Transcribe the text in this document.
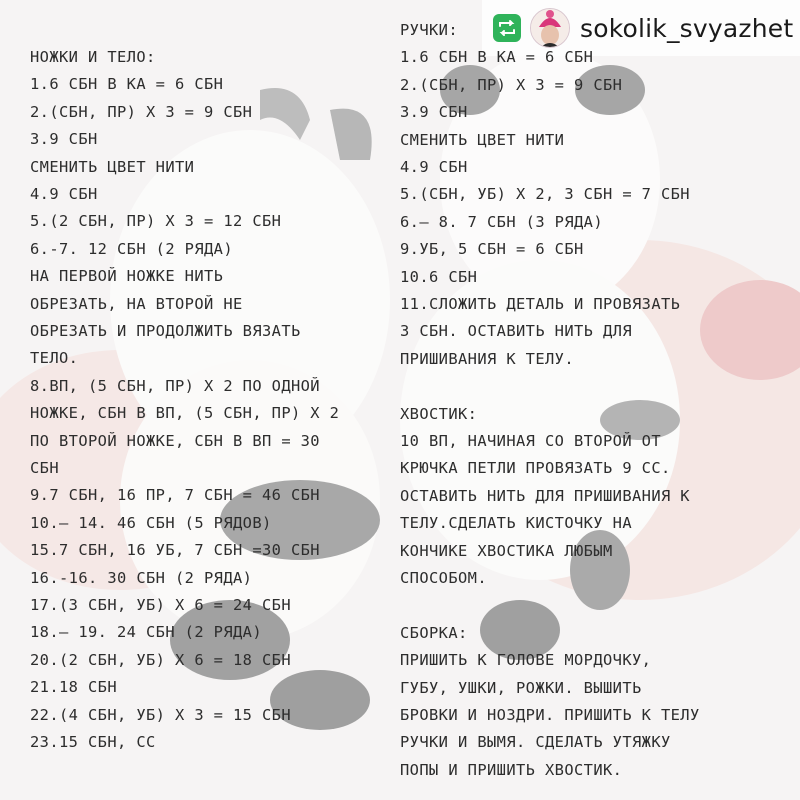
sokolik_svyazhet
НОЖКИ И ТЕЛО:
1.6 СБН В КА = 6 СБН
2.(СБН, ПР) Х 3 = 9 СБН
3.9 СБН
СМЕНИТЬ ЦВЕТ НИТИ
4.9 СБН
5.(2 СБН, ПР) Х 3 = 12 СБН
6.-7. 12 СБН (2 РЯДА)
НА ПЕРВОЙ НОЖКЕ НИТЬ
ОБРЕЗАТЬ, НА ВТОРОЙ НЕ
ОБРЕЗАТЬ И ПРОДОЛЖИТЬ ВЯЗАТЬ
ТЕЛО.
8.ВП, (5 СБН, ПР) Х 2 ПО ОДНОЙ
НОЖКЕ, СБН В ВП, (5 СБН, ПР) Х 2
ПО ВТОРОЙ НОЖКЕ, СБН В ВП = 30
СБН
9.7 СБН, 16 ПР, 7 СБН = 46 СБН
10.– 14. 46 СБН (5 РЯДОВ)
15.7 СБН, 16 УБ, 7 СБН =30 СБН
16.-16. 30 СБН (2 РЯДА)
17.(3 СБН, УБ) Х 6 = 24 СБН
18.– 19. 24 СБН (2 РЯДА)
20.(2 СБН, УБ) Х 6 = 18 СБН
21.18 СБН
22.(4 СБН, УБ) Х 3 = 15 СБН
23.15 СБН, СС
РУЧКИ:
1.6 СБН В КА = 6 СБН
2.(СБН, ПР) Х 3 = 9 СБН
3.9 СБН
СМЕНИТЬ ЦВЕТ НИТИ
4.9 СБН
5.(СБН, УБ) Х 2, 3 СБН = 7 СБН
6.– 8. 7 СБН (3 РЯДА)
9.УБ, 5 СБН = 6 СБН
10.6 СБН
11.СЛОЖИТЬ ДЕТАЛЬ И ПРОВЯЗАТЬ
3 СБН. ОСТАВИТЬ НИТЬ ДЛЯ
ПРИШИВАНИЯ К ТЕЛУ.
ХВОСТИК:
10 ВП, НАЧИНАЯ СО ВТОРОЙ ОТ
КРЮЧКА ПЕТЛИ ПРОВЯЗАТЬ 9 СС.
ОСТАВИТЬ НИТЬ ДЛЯ ПРИШИВАНИЯ К
ТЕЛУ.СДЕЛАТЬ КИСТОЧКУ НА
КОНЧИКЕ ХВОСТИКА ЛЮБЫМ
СПОСОБОМ.
СБОРКА:
ПРИШИТЬ К ГОЛОВЕ МОРДОЧКУ,
ГУБУ, УШКИ, РОЖКИ. ВЫШИТЬ
БРОВКИ И НОЗДРИ. ПРИШИТЬ К ТЕЛУ
РУЧКИ И ВЫМЯ. СДЕЛАТЬ УТЯЖКУ
ПОПЫ И ПРИШИТЬ ХВОСТИК.
